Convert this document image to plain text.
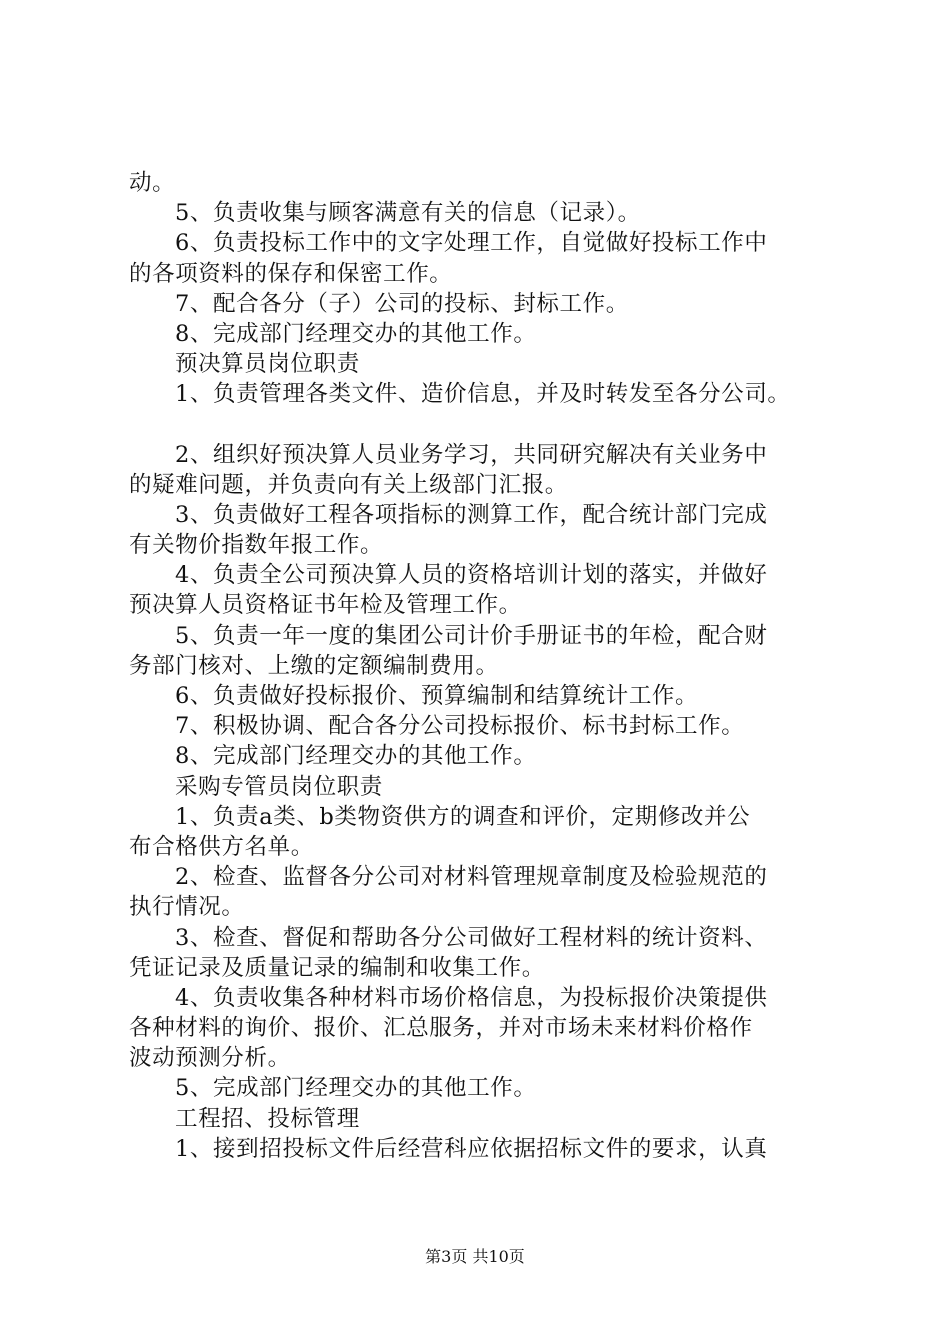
动。
5、负责收集与顾客满意有关的信息（记录）。
6、负责投标工作中的文字处理工作，自觉做好投标工作中
的各项资料的保存和保密工作。
7、配合各分（子）公司的投标、封标工作。
8、完成部门经理交办的其他工作。
预决算员岗位职责
1、负责管理各类文件、造价信息，并及时转发至各分公司。
2、组织好预决算人员业务学习，共同研究解决有关业务中
的疑难问题，并负责向有关上级部门汇报。
3、负责做好工程各项指标的测算工作，配合统计部门完成
有关物价指数年报工作。
4、负责全公司预决算人员的资格培训计划的落实，并做好
预决算人员资格证书年检及管理工作。
5、负责一年一度的集团公司计价手册证书的年检，配合财
务部门核对、上缴的定额编制费用。
6、负责做好投标报价、预算编制和结算统计工作。
7、积极协调、配合各分公司投标报价、标书封标工作。
8、完成部门经理交办的其他工作。
采购专管员岗位职责
1、负责a类、b类物资供方的调查和评价，定期修改并公
布合格供方名单。
2、检查、监督各分公司对材料管理规章制度及检验规范的
执行情况。
3、检查、督促和帮助各分公司做好工程材料的统计资料、
凭证记录及质量记录的编制和收集工作。
4、负责收集各种材料市场价格信息，为投标报价决策提供
各种材料的询价、报价、汇总服务，并对市场未来材料价格作
波动预测分析。
5、完成部门经理交办的其他工作。
工程招、投标管理
1、接到招投标文件后经营科应依据招标文件的要求，认真
第3页 共10页
